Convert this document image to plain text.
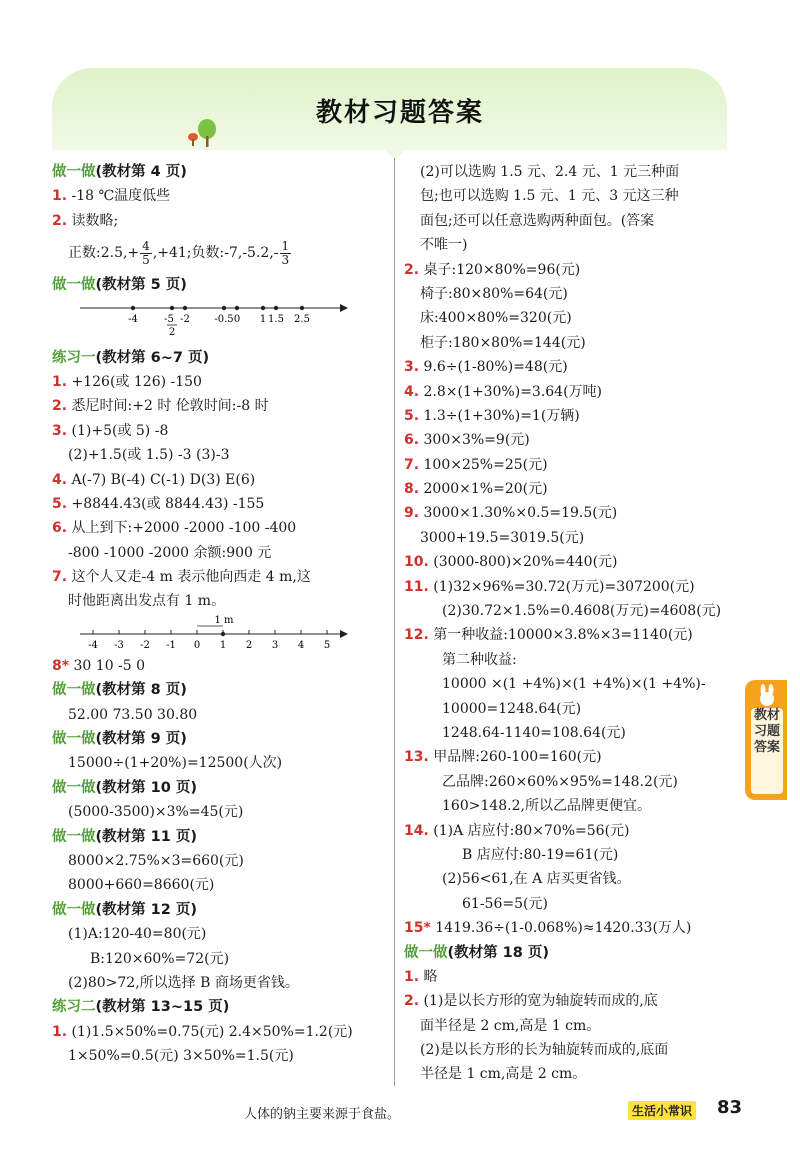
教材习题答案
做一做(教材第 4 页)
1. -18 ℃温度低些
2. 读数略;
正数:2.5,+ $\frac{4}{5} ,+41$;负数:-7,-5.2,- $\frac{1}{3}$
做一做(教材第 5 页)
-4	-5
2
-2 -0.5 0 1 1.5 2.5
练习一(教材第 6~7 页)
1. +126(或 126) -150
2. 悉尼时间:+2 时 伦敦时间:-8 时
3. (1)+5(或 5) -8
(2)+1.5(或 1.5) -3 (3)-3
4. A(-7) B(-4) C(-1) D(3) E(6)
5. +8844.43(或 8844.43) -155
6. 从上到下:+2000 -2000 -100 -400
-800 -1000 -2000 余额:900 元
7. 这个人又走-4 m 表示他向西走 4 m,这
时他距离出发点有 1 m。
1 m
-4 -3 -2 -1 0 1 2 3 4 5
8* 30 10 -5 0
做一做(教材第 8 页)
52.00 73.50 30.80
做一做(教材第 9 页)
15000÷(1+20%)=12500(人次)
做一做(教材第 10 页)
(5000-3500)×3%=45(元)
做一做(教材第 11 页)
8000×2.75%×3=660(元)
8000+660=8660(元)
做一做(教材第 12 页)
(1)A:120-40=80(元)
B:120×60%=72(元)
(2)80>72,所以选择 B 商场更省钱。
练习二(教材第 13~15 页)
1. (1)1.5×50%=0.75(元) 2.4×50%=1.2(元)
1×50%=0.5(元) 3×50%=1.5(元)
(2)可以选购 1.5 元、2.4 元、1 元三种面
包;也可以选购 1.5 元、1 元、3 元这三种
面包;还可以任意选购两种面包。(答案
不唯一)
2. 桌子:120×80%=96(元)
椅子:80×80%=64(元)
床:400×80%=320(元)
柜子:180×80%=144(元)
3. 9.6÷(1-80%)=48(元)
4. 2.8×(1+30%)=3.64(万吨)
5. 1.3÷(1+30%)=1(万辆)
6. 300×3%=9(元)
7. 100×25%=25(元)
8. 2000×1%=20(元)
9. 3000×1.30%×0.5=19.5(元)
3000+19.5=3019.5(元)
10. (3000-800)×20%=440(元)
11. (1)32×96%=30.72(万元)=307200(元)
(2)30.72×1.5%=0.4608(万元)=4608(元)
12. 第一种收益:10000×3.8%×3=1140(元)
第二种收益:
10000 ×(1 +4%)×(1 +4%)×(1 +4%)-
10000=1248.64(元)
1248.64-1140=108.64(元)
13. 甲品牌:260-100=160(元)
乙品牌:260×60%×95%=148.2(元)
160>148.2,所以乙品牌更便宜。
14. (1)A 店应付:80×70%=56(元)
B 店应付:80-19=61(元)
(2)56<61,在 A 店买更省钱。
61-56=5(元)
15* 1419.36÷(1-0.068%)≈1420.33(万人)
做一做(教材第 18 页)
1. 略
2. (1)是以长方形的宽为轴旋转而成的,底
面半径是 2 cm,高是 1 cm。
(2)是以长方形的长为轴旋转而成的,底面
半径是 1 cm,高是 2 cm。
教材习题答案
人体的钠主要来源于食盐。	生活小常识 83
